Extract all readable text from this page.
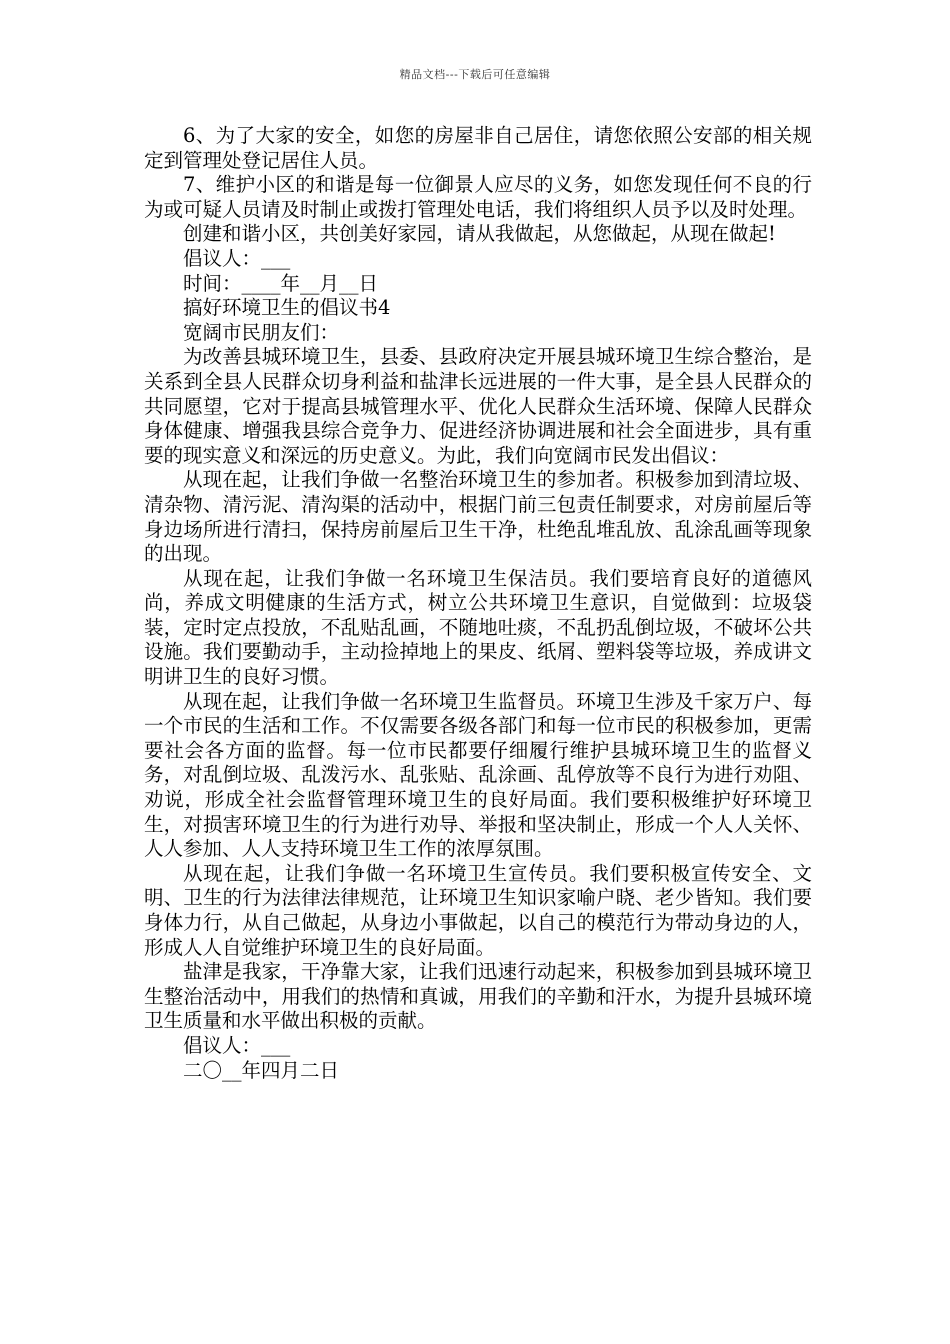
精品文档---下载后可任意编辑

6、为了大家的安全，如您的房屋非自己居住，请您依照公安部的相关规定到管理处登记居住人员。

7、维护小区的和谐是每一位御景人应尽的义务，如您发现任何不良的行为或可疑人员请及时制止或拨打管理处电话，我们将组织人员予以及时处理。

创建和谐小区，共创美好家园，请从我做起，从您做起，从现在做起!

倡议人：___

时间：____年__月__日

搞好环境卫生的倡议书4

宽阔市民朋友们：

为改善县城环境卫生，县委、县政府决定开展县城环境卫生综合整治，是关系到全县人民群众切身利益和盐津长远进展的一件大事，是全县人民群众的共同愿望，它对于提高县城管理水平、优化人民群众生活环境、保障人民群众身体健康、增强我县综合竞争力、促进经济协调进展和社会全面进步，具有重要的现实意义和深远的历史意义。为此，我们向宽阔市民发出倡议：

从现在起，让我们争做一名整治环境卫生的参加者。积极参加到清垃圾、清杂物、清污泥、清沟渠的活动中，根据门前三包责任制要求，对房前屋后等身边场所进行清扫，保持房前屋后卫生干净，杜绝乱堆乱放、乱涂乱画等现象的出现。

从现在起，让我们争做一名环境卫生保洁员。我们要培育良好的道德风尚，养成文明健康的生活方式，树立公共环境卫生意识，自觉做到：垃圾袋装，定时定点投放，不乱贴乱画，不随地吐痰，不乱扔乱倒垃圾，不破坏公共设施。我们要勤动手，主动捡掉地上的果皮、纸屑、塑料袋等垃圾，养成讲文明讲卫生的良好习惯。

从现在起，让我们争做一名环境卫生监督员。环境卫生涉及千家万户、每一个市民的生活和工作。不仅需要各级各部门和每一位市民的积极参加，更需要社会各方面的监督。每一位市民都要仔细履行维护县城环境卫生的监督义务，对乱倒垃圾、乱泼污水、乱张贴、乱涂画、乱停放等不良行为进行劝阻、劝说，形成全社会监督管理环境卫生的良好局面。我们要积极维护好环境卫生，对损害环境卫生的行为进行劝导、举报和坚决制止，形成一个人人关怀、人人参加、人人支持环境卫生工作的浓厚氛围。

从现在起，让我们争做一名环境卫生宣传员。我们要积极宣传安全、文明、卫生的行为法律法律规范，让环境卫生知识家喻户晓、老少皆知。我们要身体力行，从自己做起，从身边小事做起，以自己的模范行为带动身边的人，形成人人自觉维护环境卫生的良好局面。

盐津是我家，干净靠大家，让我们迅速行动起来，积极参加到县城环境卫生整治活动中，用我们的热情和真诚，用我们的辛勤和汗水，为提升县城环境卫生质量和水平做出积极的贡献。

倡议人：___

二〇__年四月二日
